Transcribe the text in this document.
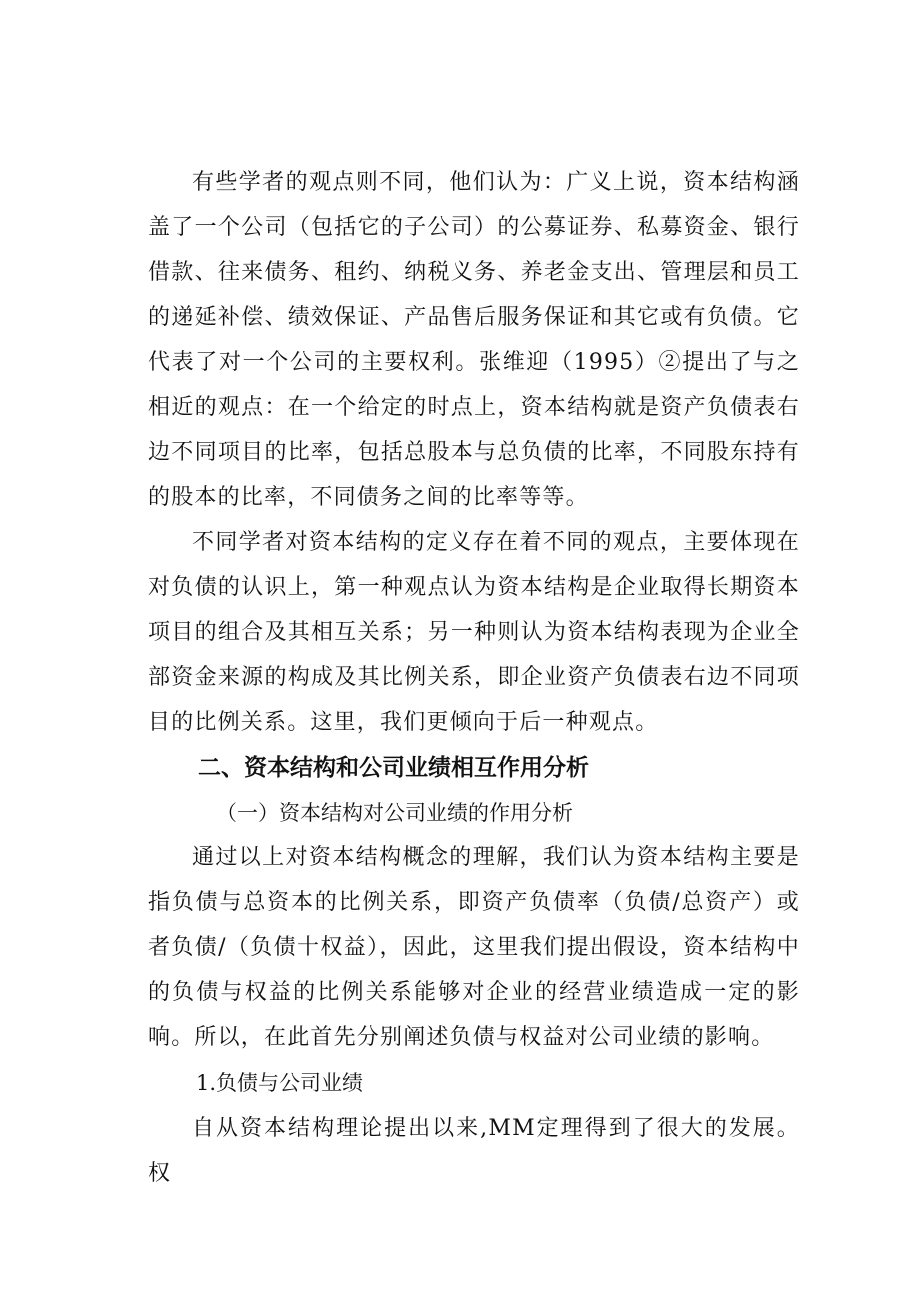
有些学者的观点则不同，他们认为：广义上说，资本结构涵盖了一个公司（包括它的子公司）的公募证券、私募资金、银行借款、往来债务、租约、纳税义务、养老金支出、管理层和员工的递延补偿、绩效保证、产品售后服务保证和其它或有负债。它代表了对一个公司的主要权利。张维迎（1995）②提出了与之相近的观点：在一个给定的时点上，资本结构就是资产负债表右边不同项目的比率，包括总股本与总负债的比率，不同股东持有的股本的比率，不同债务之间的比率等等。

不同学者对资本结构的定义存在着不同的观点，主要体现在对负债的认识上，第一种观点认为资本结构是企业取得长期资本项目的组合及其相互关系；另一种则认为资本结构表现为企业全部资金来源的构成及其比例关系，即企业资产负债表右边不同项目的比例关系。这里，我们更倾向于后一种观点。

二、资本结构和公司业绩相互作用分析

（一）资本结构对公司业绩的作用分析

通过以上对资本结构概念的理解，我们认为资本结构主要是指负债与总资本的比例关系，即资产负债率（负债/总资产）或者负债/（负债十权益），因此，这里我们提出假设，资本结构中的负债与权益的比例关系能够对企业的经营业绩造成一定的影响。所以，在此首先分别阐述负债与权益对公司业绩的影响。

1.负债与公司业绩

自从资本结构理论提出以来,MM定理得到了很大的发展。权
